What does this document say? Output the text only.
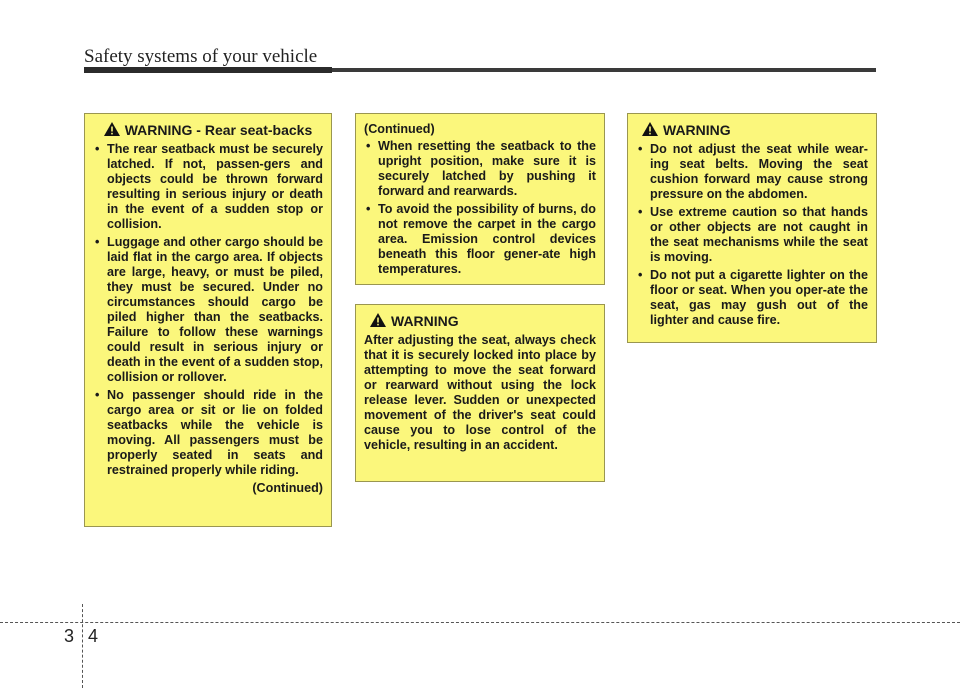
Safety systems of your vehicle
WARNING - Rear seat-backs
• The rear seatback must be securely latched. If not, passen-gers and objects could be thrown forward resulting in serious injury or death in the event of a sudden stop or collision.
• Luggage and other cargo should be laid flat in the cargo area. If objects are large, heavy, or must be piled, they must be secured. Under no circumstances should cargo be piled higher than the seatbacks. Failure to follow these warnings could result in serious injury or death in the event of a sudden stop, collision or rollover.
• No passenger should ride in the cargo area or sit or lie on folded seatbacks while the vehicle is moving. All passengers must be properly seated in seats and restrained properly while riding.
(Continued)
(Continued)
• When resetting the seatback to the upright position, make sure it is securely latched by pushing it forward and rearwards.
• To avoid the possibility of burns, do not remove the carpet in the cargo area. Emission control devices beneath this floor gener-ate high temperatures.
WARNING
After adjusting the seat, always check that it is securely locked into place by attempting to move the seat forward or rearward without using the lock release lever. Sudden or unexpected movement of the driver's seat could cause you to lose control of the vehicle, resulting in an accident.
WARNING
• Do not adjust the seat while wear-ing seat belts. Moving the seat cushion forward may cause strong pressure on the abdomen.
• Use extreme caution so that hands or other objects are not caught in the seat mechanisms while the seat is moving.
• Do not put a cigarette lighter on the floor or seat. When you oper-ate the seat, gas may gush out of the lighter and cause fire.
3 4
